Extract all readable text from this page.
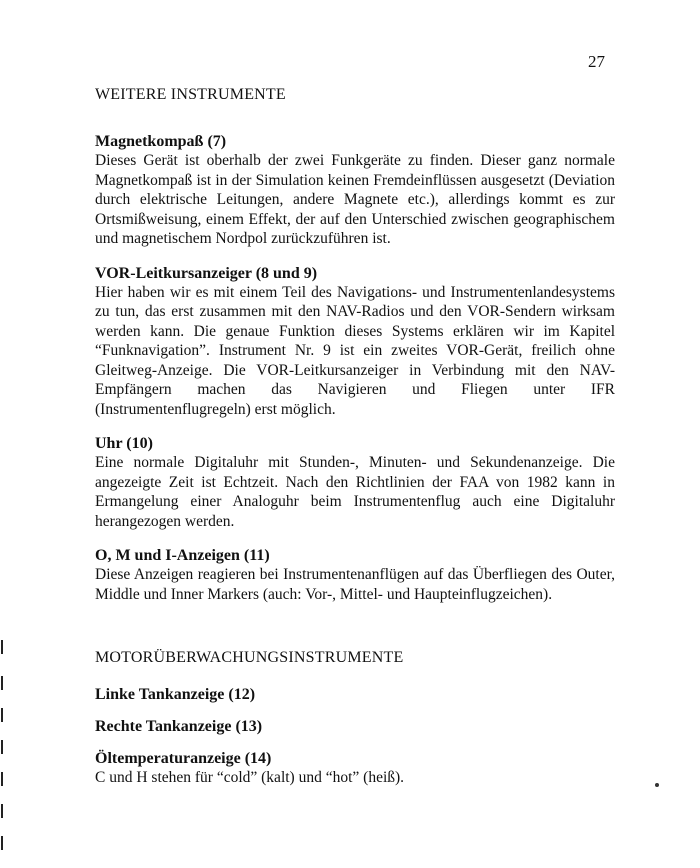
27
WEITERE INSTRUMENTE
Magnetkompaß (7)

Dieses Gerät ist oberhalb der zwei Funkgeräte zu finden. Dieser ganz normale Magnetkompaß ist in der Simulation keinen Fremdeinflüssen ausgesetzt (Deviation durch elektrische Leitungen, andere Magnete etc.), allerdings kommt es zur Ortsmißweisung, einem Effekt, der auf den Unterschied zwischen geographischem und magnetischem Nordpol zurückzuführen ist.

VOR-Leitkursanzeiger (8 und 9)

Hier haben wir es mit einem Teil des Navigations- und Instrumentenlandesystems zu tun, das erst zusammen mit den NAV-Radios und den VOR-Sendern wirksam werden kann. Die genaue Funktion dieses Systems erklären wir im Kapitel “Funknavigation”. Instrument Nr. 9 ist ein zweites VOR-Gerät, freilich ohne Gleitweg-Anzeige. Die VOR-Leitkursanzeiger in Verbindung mit den NAV-Empfängern machen das Navigieren und Fliegen unter IFR (Instrumentenflugregeln) erst möglich.

Uhr (10)

Eine normale Digitaluhr mit Stunden-, Minuten- und Sekundenanzeige. Die angezeigte Zeit ist Echtzeit. Nach den Richtlinien der FAA von 1982 kann in Ermangelung einer Analoguhr beim Instrumentenflug auch eine Digitaluhr herangezogen werden.

O, M und I-Anzeigen (11)

Diese Anzeigen reagieren bei Instrumentenanflügen auf das Überfliegen des Outer, Middle und Inner Markers (auch: Vor-, Mittel- und Haupteinflugzeichen).

MOTORÜBERWACHUNGSINSTRUMENTE
Linke Tankanzeige (12)
Rechte Tankanzeige (13)
Öltemperaturanzeige (14)

C und H stehen für “cold” (kalt) und “hot” (heiß).
